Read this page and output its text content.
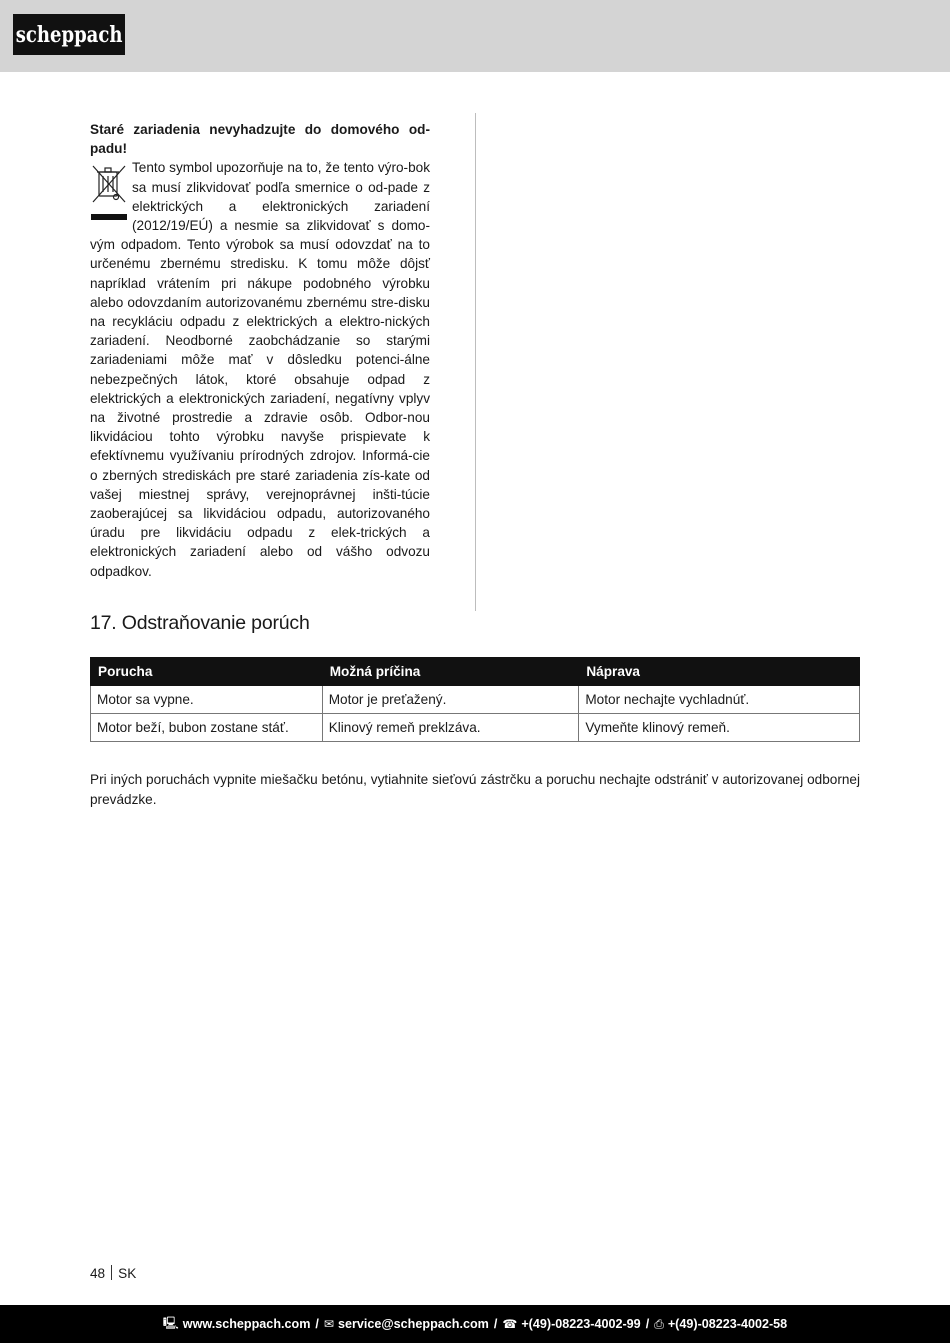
scheppach
Staré zariadenia nevyhadzujte do domového od-padu!

Tento symbol upozorňuje na to, že tento výro-bok sa musí zlikvidovať podľa smernice o od-pade z elektrických a elektronických zariadení (2012/19/EÚ) a nesmie sa zlikvidovať s domo-vým odpadom. Tento výrobok sa musí odovzdať na to určenému zbernému stredisku. K tomu môže dôjsť napríklad vrátením pri nákupe podobného výrobku alebo odovzdaním autorizovanému zbernému stre-disku na recykláciu odpadu z elektrických a elektro-nických zariadení. Neodborné zaobchádzanie so starými zariadeniami môže mať v dôsledku potenci-álne nebezpečných látok, ktoré obsahuje odpad z elektrických a elektronických zariadení, negatívny vplyv na životné prostredie a zdravie osôb. Odbor-nou likvidáciou tohto výrobku navyše prispievate k efektívnemu využívaniu prírodných zdrojov. Informá-cie o zberných strediskách pre staré zariadenia zís-kate od vašej miestnej správy, verejnoprávnej inšti-túcie zaoberajúcej sa likvidáciou odpadu, autorizovaného úradu pre likvidáciu odpadu z elek-trických a elektronických zariadení alebo od vášho odvozu odpadkov.

17. Odstraňovanie porúch
Porucha	Možná príčina	Náprava
Motor sa vypne.	Motor je preťažený.	Motor nechajte vychladnúť.
Motor beží, bubon zostane stáť.	Klinový remeň preklzáva.	Vymeňte klinový remeň.

Pri iných poruchách vypnite miešačku betónu, vytiahnite sieťovú zástrčku a poruchu nechajte odstrániť v autorizovanej odbornej prevádzke.

48 SK
🖳 www.scheppach.com / ✉ service@scheppach.com / ☎ +(49)-08223-4002-99 / ⎙ +(49)-08223-4002-58
